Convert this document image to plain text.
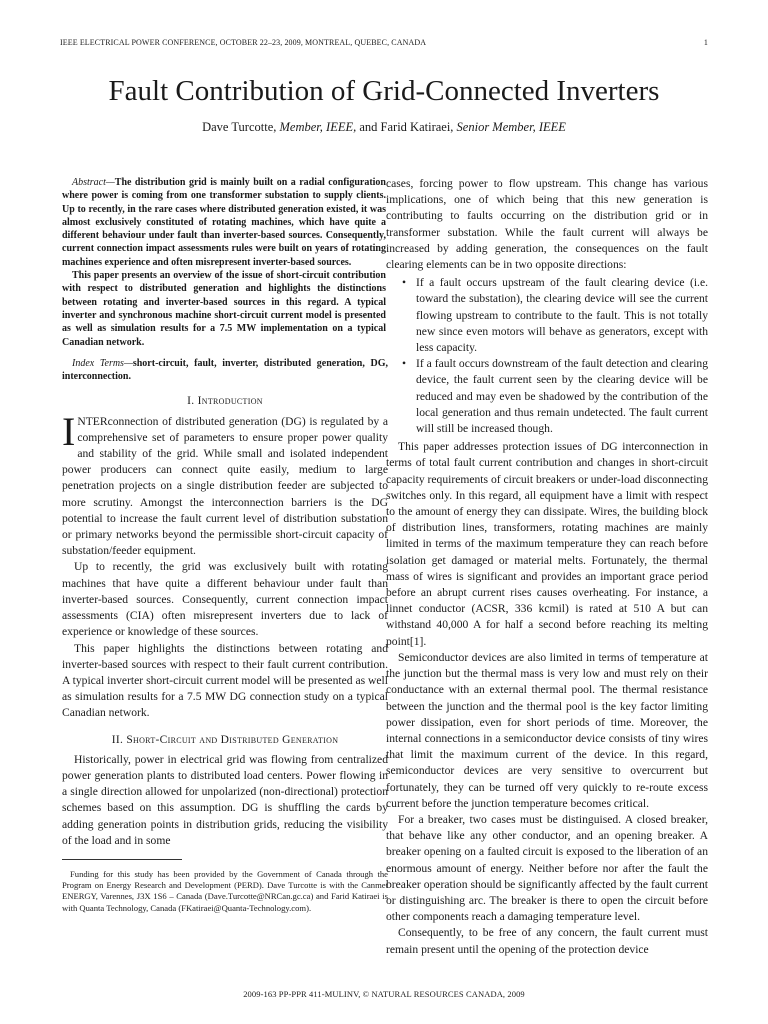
IEEE ELECTRICAL POWER CONFERENCE, OCTOBER 22–23, 2009, MONTREAL, QUEBEC, CANADA	1
Fault Contribution of Grid-Connected Inverters
Dave Turcotte, Member, IEEE, and Farid Katiraei, Senior Member, IEEE

Abstract—The distribution grid is mainly built on a radial configuration where power is coming from one transformer substation to supply clients. Up to recently, in the rare cases where distributed generation existed, it was almost exclusively constituted of rotating machines, which have quite a different behaviour under fault than inverter-based sources. Consequently, current connection impact assessments rules were built on years of rotating machines experience and often misrepresent inverter-based sources.

This paper presents an overview of the issue of short-circuit contribution with respect to distributed generation and highlights the distinctions between rotating and inverter-based sources in this regard. A typical inverter and synchronous machine short-circuit current model is presented as well as simulation results for a 7.5 MW implementation on a typical Canadian network.

Index Terms—short-circuit, fault, inverter, distributed generation, DG, interconnection.
I. Introduction

I NTERconnection of distributed generation (DG) is regulated by a comprehensive set of parameters to ensure proper power quality and stability of the grid. While small and isolated independent power producers can connect quite easily, medium to large penetration projects on a single distribution feeder are subjected to more scrutiny. Amongst the interconnection barriers is the DG potential to increase the fault current level of distribution substation or primary networks beyond the permissible short-circuit capacity of substation/feeder equipment.

Up to recently, the grid was exclusively built with rotating machines that have quite a different behaviour under fault than inverter-based sources. Consequently, current connection impact assessments (CIA) often misrepresent inverters due to lack of experience or knowledge of these sources.

This paper highlights the distinctions between rotating and inverter-based sources with respect to their fault current contribution. A typical inverter short-circuit current model will be presented as well as simulation results for a 7.5 MW DG connection study on a typical Canadian network.

II. Short-Circuit and Distributed Generation

Historically, power in electrical grid was flowing from centralized power generation plants to distributed load centers. Power flowing in a single direction allowed for unpolarized (non-directional) protection schemes based on this assumption. DG is shuffling the cards by adding generation points in distribution grids, reducing the visibility of the load and in some

Funding for this study has been provided by the Government of Canada through the Program on Energy Research and Development (PERD). Dave Turcotte is with the Canmet ENERGY, Varennes, J3X 1S6 – Canada (Dave.Turcotte@NRCan.gc.ca) and Farid Katiraei is with Quanta Technology, Canada (FKatiraei@Quanta-Technology.com).

cases, forcing power to flow upstream. This change has various implications, one of which being that this new generation is contributing to faults occurring on the distribution grid or in transformer substation. While the fault current will always be increased by adding generation, the consequences on the fault clearing elements can be in two opposite directions:

• If a fault occurs upstream of the fault clearing device (i.e. toward the substation), the clearing device will see the current flowing upstream to contribute to the fault. This is not totally new since even motors will behave as generators, except with less capacity.
• If a fault occurs downstream of the fault detection and clearing device, the fault current seen by the clearing device will be reduced and may even be shadowed by the contribution of the local generation and thus remain undetected. The fault current will still be increased though.

This paper addresses protection issues of DG interconnection in terms of total fault current contribution and changes in short-circuit capacity requirements of circuit breakers or under-load disconnecting switches only. In this regard, all equipment have a limit with respect to the amount of energy they can dissipate. Wires, the building block of distribution lines, transformers, rotating machines are mainly limited in terms of the maximum temperature they can reach before isolation get damaged or material melts. Fortunately, the thermal mass of wires is significant and provides an important grace period before an abrupt current rises causes overheating. For instance, a linnet conductor (ACSR, 336 kcmil) is rated at 510 A but can withstand 40,000 A for half a second before reaching its melting point[1].

Semiconductor devices are also limited in terms of temperature at the junction but the thermal mass is very low and must rely on their conductance with an external thermal pool. The thermal resistance between the junction and the thermal pool is the key factor limiting power dissipation, even for short periods of time. Moreover, the internal connections in a semiconductor device consists of tiny wires that limit the maximum current of the device. In this regard, semiconductor devices are very sensitive to overcurrent but fortunately, they can be turned off very quickly to re-route excess current before the junction temperature becomes critical.

For a breaker, two cases must be distinguised. A closed breaker, that behave like any other conductor, and an opening breaker. A breaker opening on a faulted circuit is exposed to the liberation of an enormous amount of energy. Neither before nor after the fault the breaker operation should be significantly affected by the fault current or distinguishing arc. The breaker is there to open the circuit before other components reach a damaging temperature level.

Consequently, to be free of any concern, the fault current must remain present until the opening of the protection device

2009-163 PP-PPR 411-MULINV, © NATURAL RESOURCES CANADA, 2009
